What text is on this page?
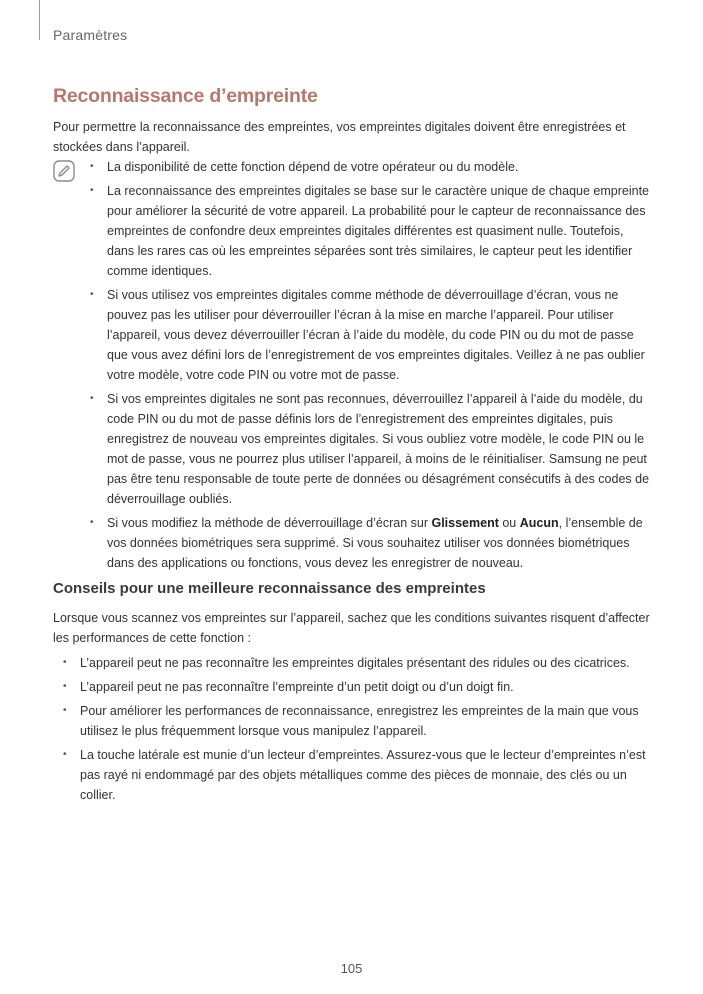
Paramètres
Reconnaissance d’empreinte

Pour permettre la reconnaissance des empreintes, vos empreintes digitales doivent être enregistrées et stockées dans l’appareil.

• La disponibilité de cette fonction dépend de votre opérateur ou du modèle.
• La reconnaissance des empreintes digitales se base sur le caractère unique de chaque empreinte pour améliorer la sécurité de votre appareil. La probabilité pour le capteur de reconnaissance des empreintes de confondre deux empreintes digitales différentes est quasiment nulle. Toutefois, dans les rares cas où les empreintes séparées sont très similaires, le capteur peut les identifier comme identiques.
• Si vous utilisez vos empreintes digitales comme méthode de déverrouillage d’écran, vous ne pouvez pas les utiliser pour déverrouiller l’écran à la mise en marche l’appareil. Pour utiliser l’appareil, vous devez déverrouiller l’écran à l’aide du modèle, du code PIN ou du mot de passe que vous avez défini lors de l’enregistrement de vos empreintes digitales. Veillez à ne pas oublier votre modèle, votre code PIN ou votre mot de passe.
• Si vos empreintes digitales ne sont pas reconnues, déverrouillez l’appareil à l’aide du modèle, du code PIN ou du mot de passe définis lors de l’enregistrement des empreintes digitales, puis enregistrez de nouveau vos empreintes digitales. Si vous oubliez votre modèle, le code PIN ou le mot de passe, vous ne pourrez plus utiliser l’appareil, à moins de le réinitialiser. Samsung ne peut pas être tenu responsable de toute perte de données ou désagrément consécutifs à des codes de déverrouillage oubliés.
• Si vous modifiez la méthode de déverrouillage d’écran sur Glissement ou Aucun, l’ensemble de vos données biométriques sera supprimé. Si vous souhaitez utiliser vos données biométriques dans des applications ou fonctions, vous devez les enregistrer de nouveau.
Conseils pour une meilleure reconnaissance des empreintes

Lorsque vous scannez vos empreintes sur l’appareil, sachez que les conditions suivantes risquent d’affecter les performances de cette fonction :

• L’appareil peut ne pas reconnaître les empreintes digitales présentant des ridules ou des cicatrices.
• L’appareil peut ne pas reconnaître l’empreinte d’un petit doigt ou d’un doigt fin.
• Pour améliorer les performances de reconnaissance, enregistrez les empreintes de la main que vous utilisez le plus fréquemment lorsque vous manipulez l’appareil.
• La touche latérale est munie d’un lecteur d’empreintes. Assurez-vous que le lecteur d’empreintes n’est pas rayé ni endommagé par des objets métalliques comme des pièces de monnaie, des clés ou un collier.
105
